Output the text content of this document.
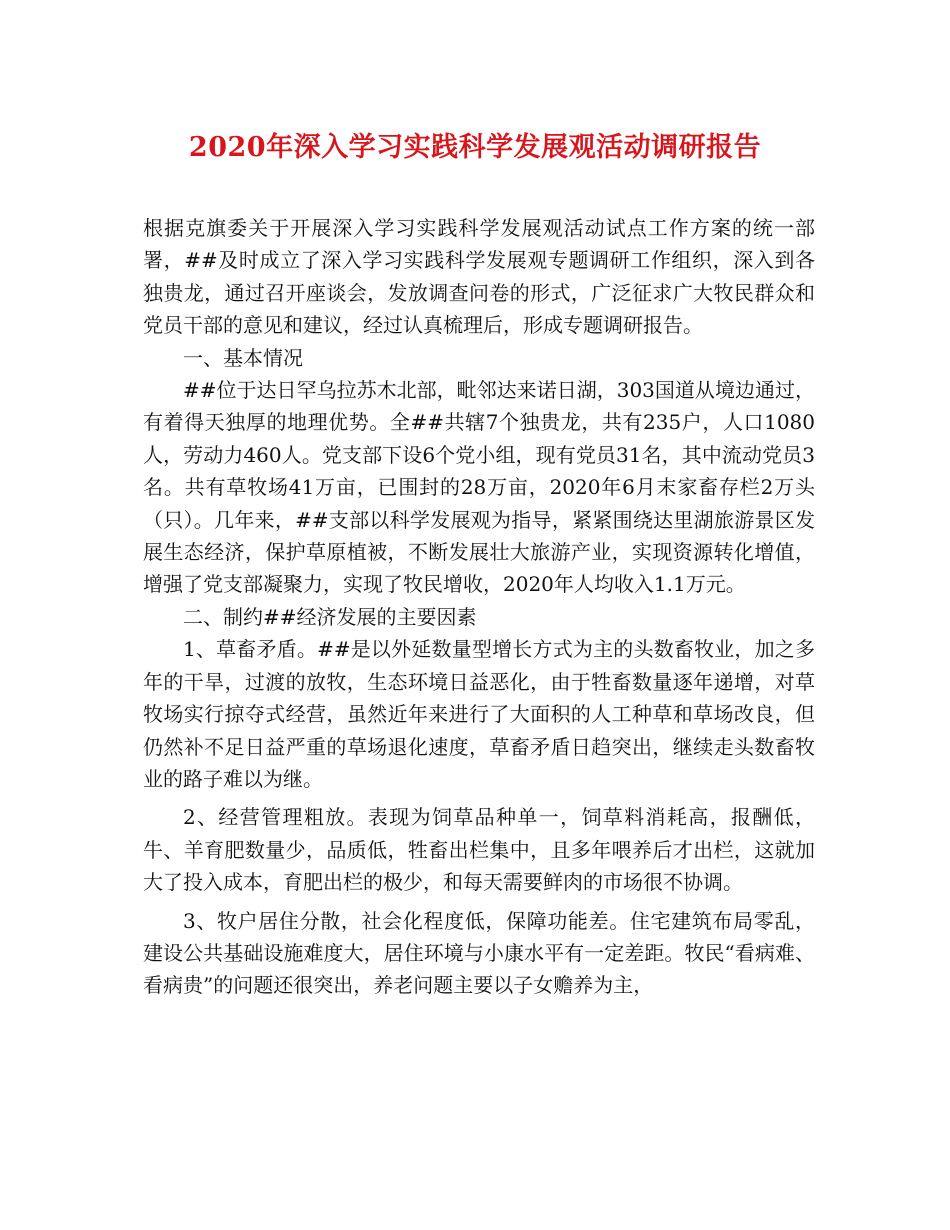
2020年深入学习实践科学发展观活动调研报告

根据克旗委关于开展深入学习实践科学发展观活动试点工作方案的统一部署，##及时成立了深入学习实践科学发展观专题调研工作组织，深入到各独贵龙，通过召开座谈会，发放调查问卷的形式，广泛征求广大牧民群众和党员干部的意见和建议，经过认真梳理后，形成专题调研报告。

一、基本情况

##位于达日罕乌拉苏木北部，毗邻达来诺日湖，303国道从境边通过，有着得天独厚的地理优势。全##共辖7个独贵龙，共有235户，人口1080人，劳动力460人。党支部下设6个党小组，现有党员31名，其中流动党员3名。共有草牧场41万亩，已围封的28万亩，2020年6月末家畜存栏2万头（只）。几年来，##支部以科学发展观为指导，紧紧围绕达里湖旅游景区发展生态经济，保护草原植被，不断发展壮大旅游产业，实现资源转化增值，增强了党支部凝聚力，实现了牧民增收，2020年人均收入1.1万元。

二、制约##经济发展的主要因素

1、草畜矛盾。##是以外延数量型增长方式为主的头数畜牧业，加之多年的干旱，过渡的放牧，生态环境日益恶化，由于牲畜数量逐年递增，对草牧场实行掠夺式经营，虽然近年来进行了大面积的人工种草和草场改良，但仍然补不足日益严重的草场退化速度，草畜矛盾日趋突出，继续走头数畜牧业的路子难以为继。

2、经营管理粗放。表现为饲草品种单一，饲草料消耗高，报酬低，牛、羊育肥数量少，品质低，牲畜出栏集中，且多年喂养后才出栏，这就加大了投入成本，育肥出栏的极少，和每天需要鲜肉的市场很不协调。

3、牧户居住分散，社会化程度低，保障功能差。住宅建筑布局零乱，建设公共基础设施难度大，居住环境与小康水平有一定差距。牧民“看病难、看病贵”的问题还很突出，养老问题主要以子女赡养为主，
